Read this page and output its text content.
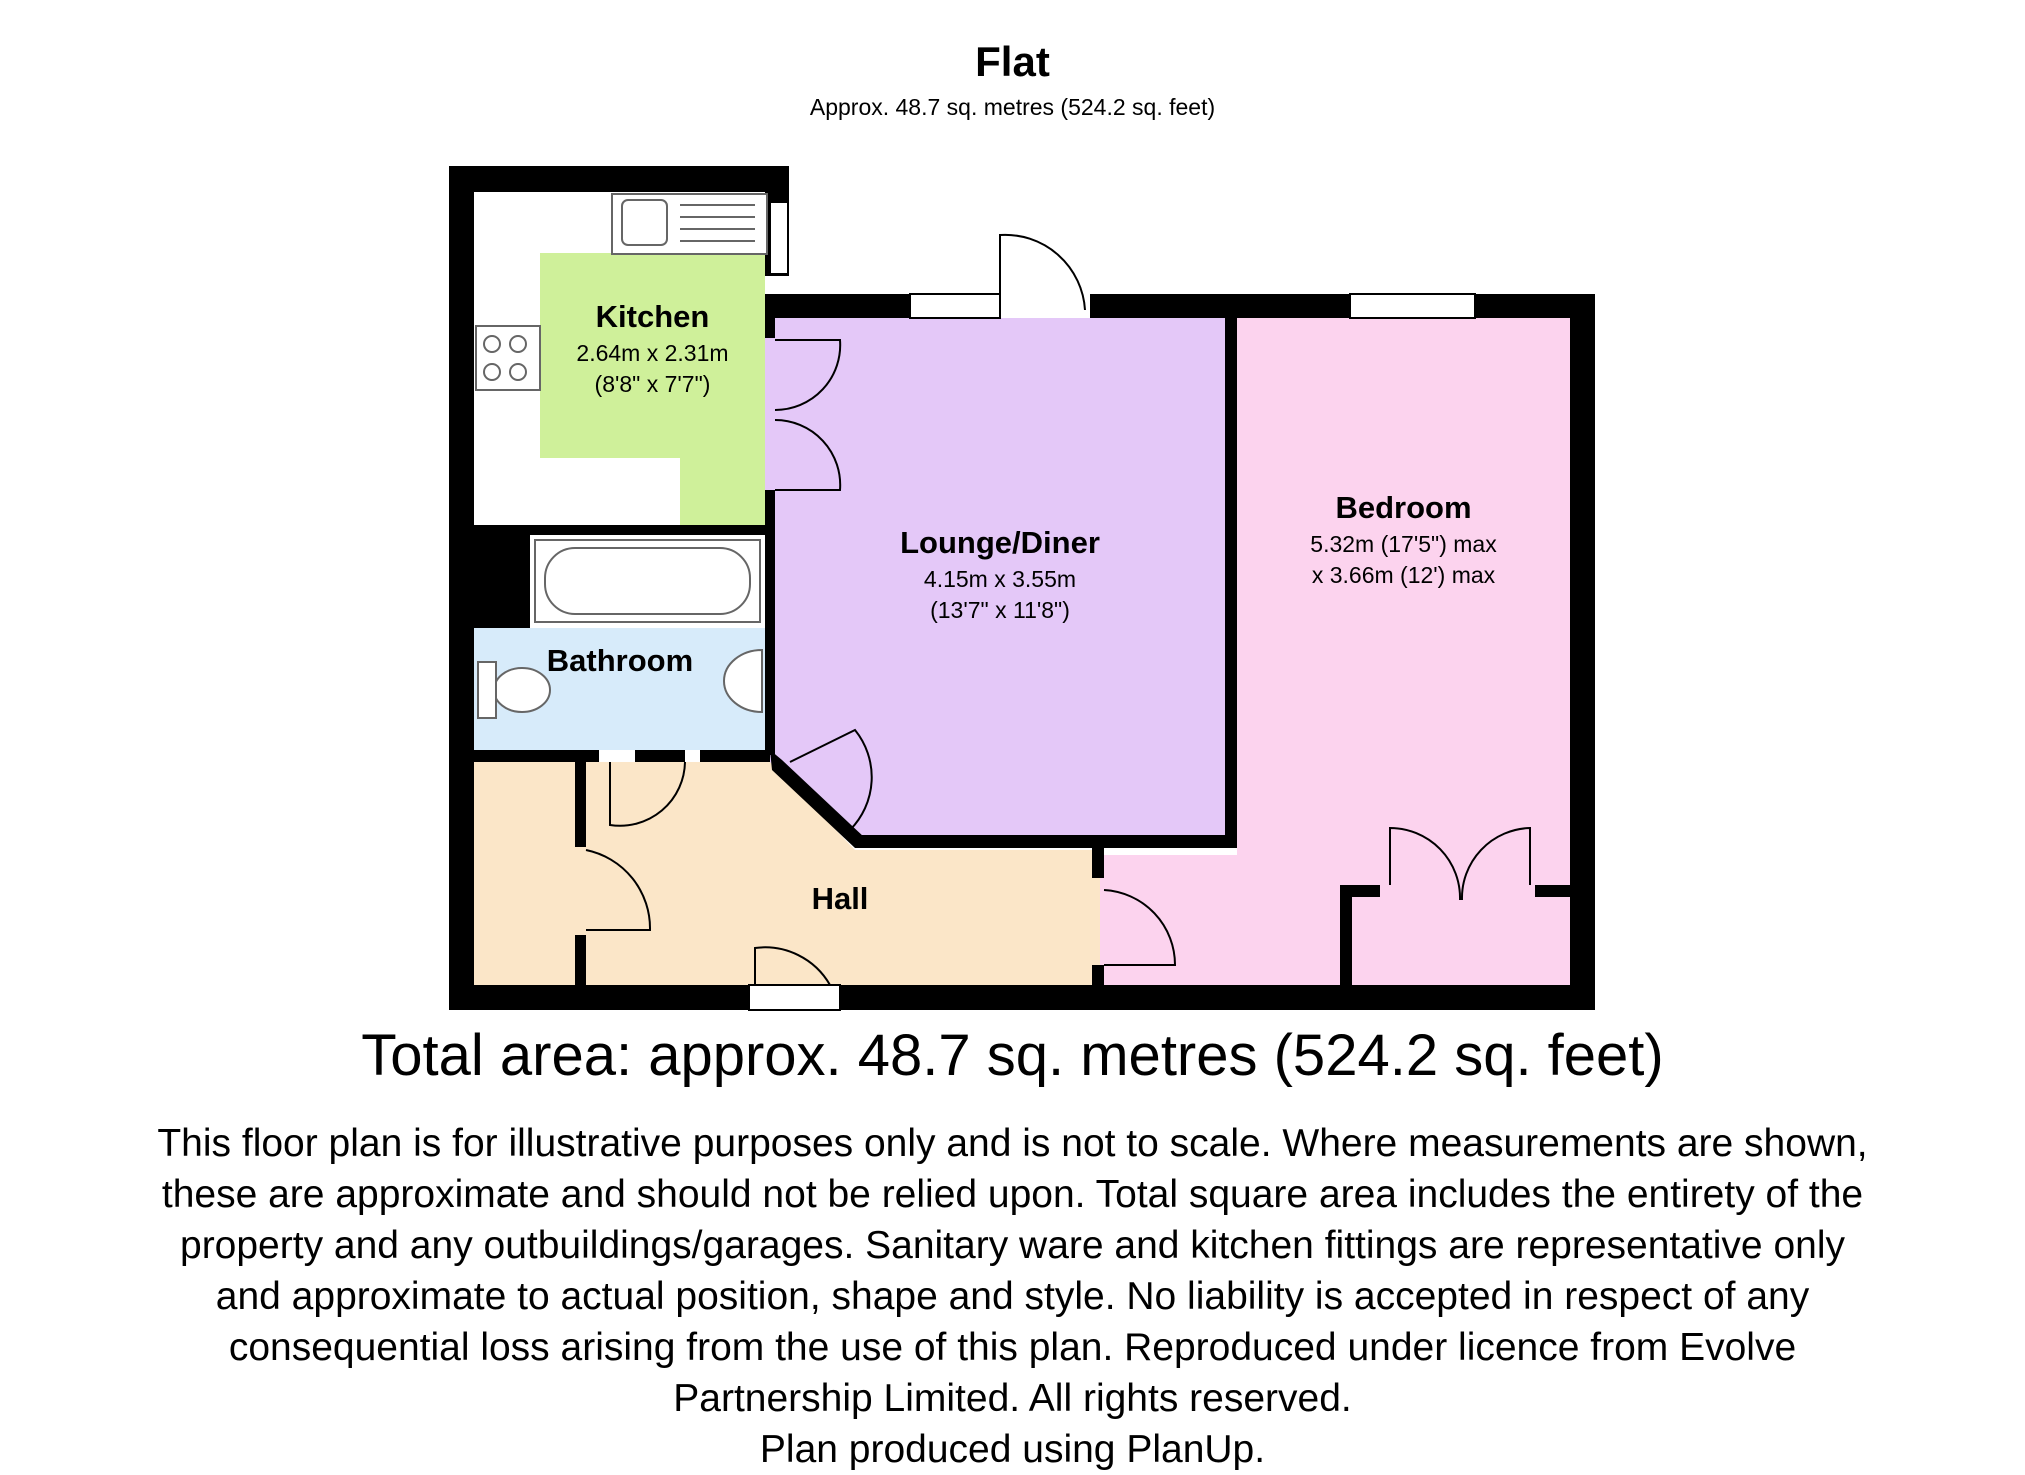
Flat
Approx. 48.7 sq. metres (524.2 sq. feet)
Kitchen
2.64m x 2.31m
(8'8" x 7'7")
Lounge/Diner
4.15m x 3.55m
(13'7" x 11'8")
Bedroom
5.32m (17'5") max
x 3.66m (12') max
Bathroom
Hall
Total area: approx. 48.7 sq. metres (524.2 sq. feet)
This floor plan is for illustrative purposes only and is not to scale. Where measurements are shown,
these are approximate and should not be relied upon. Total square area includes the entirety of the
property and any outbuildings/garages. Sanitary ware and kitchen fittings are representative only
and approximate to actual position, shape and style. No liability is accepted in respect of any
consequential loss arising from the use of this plan. Reproduced under licence from Evolve
Partnership Limited. All rights reserved.
Plan produced using PlanUp.
